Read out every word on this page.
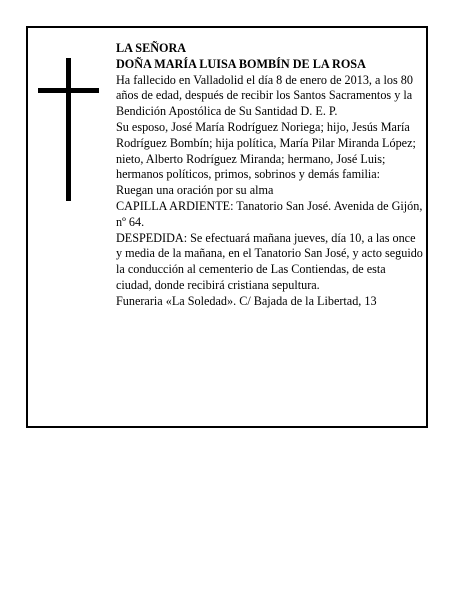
LA SEÑORA

DOÑA MARÍA LUISA BOMBÍN DE LA ROSA

Ha fallecido en Valladolid el día 8 de enero de 2013, a los 80 años de edad, después de recibir los Santos Sacramentos y la Bendición Apostólica de Su Santidad D. E. P.

Su esposo, José María Rodríguez Noriega; hijo, Jesús María Rodríguez Bombín; hija política, María Pilar Miranda López; nieto, Alberto Rodríguez Miranda; hermano, José Luis; hermanos políticos, primos, sobrinos y demás familia:

Ruegan una oración por su alma

CAPILLA ARDIENTE: Tanatorio San José. Avenida de Gijón, nº 64.

DESPEDIDA: Se efectuará mañana jueves, día 10, a las once y media de la mañana, en el Tanatorio San José, y acto seguido la conducción al cementerio de Las Contiendas, de esta ciudad, donde recibirá cristiana sepultura.

Funeraria «La Soledad». C/ Bajada de la Libertad, 13
